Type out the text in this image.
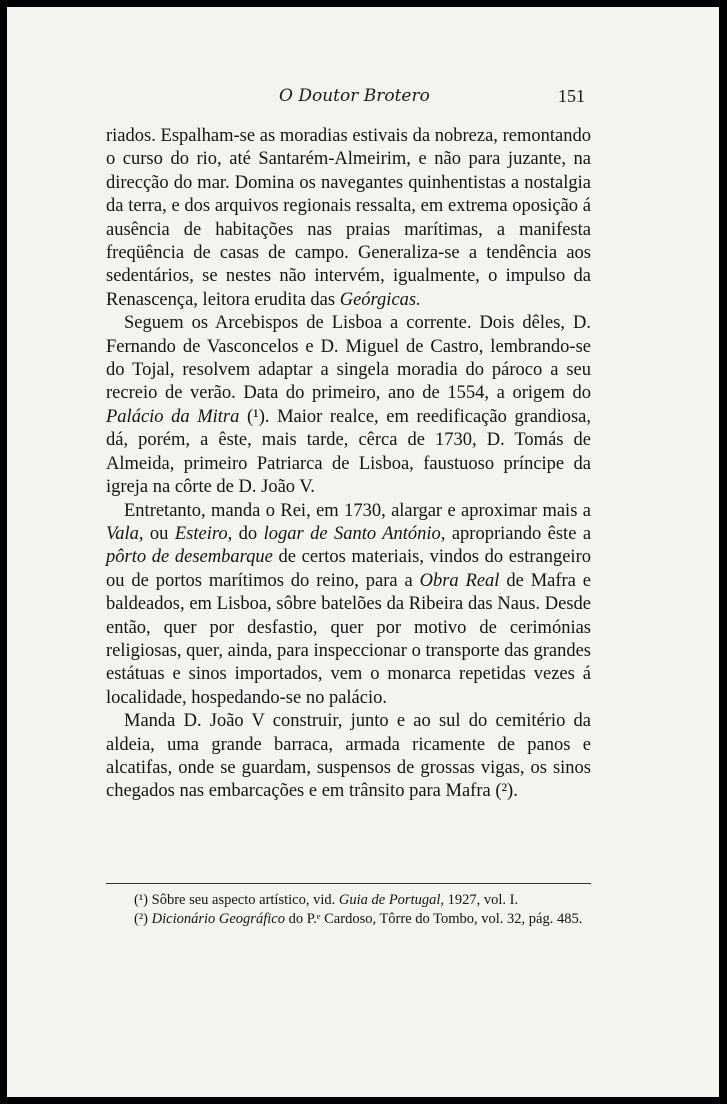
O Doutor Brotero	151

riados. Espalham-se as moradias estivais da nobreza, remontando o curso do rio, até Santarém-Almeirim, e não para juzante, na direcção do mar. Domina os navegantes quinhentistas a nostalgia da terra, e dos arquivos regionais ressalta, em extrema oposição á ausência de habitações nas praias marítimas, a manifesta freqüência de casas de campo. Generaliza-se a tendência aos sedentários, se nestes não intervém, igualmente, o impulso da Renascença, leitora erudita das Geórgicas.

Seguem os Arcebispos de Lisboa a corrente. Dois dêles, D. Fernando de Vasconcelos e D. Miguel de Castro, lembrando-se do Tojal, resolvem adaptar a singela moradia do pároco a seu recreio de verão. Data do primeiro, ano de 1554, a origem do Palácio da Mitra (¹). Maior realce, em reedificação grandiosa, dá, porém, a êste, mais tarde, cêrca de 1730, D. Tomás de Almeida, primeiro Patriarca de Lisboa, faustuoso príncipe da igreja na côrte de D. João V.

Entretanto, manda o Rei, em 1730, alargar e aproximar mais a Vala, ou Esteiro, do logar de Santo António, apropriando êste a pôrto de desembarque de certos materiais, vindos do estrangeiro ou de portos marítimos do reino, para a Obra Real de Mafra e baldeados, em Lisboa, sôbre batelões da Ribeira das Naus. Desde então, quer por desfastio, quer por motivo de cerimónias religiosas, quer, ainda, para inspeccionar o transporte das grandes estátuas e sinos importados, vem o monarca repetidas vezes á localidade, hospedando-se no palácio.

Manda D. João V construir, junto e ao sul do cemitério da aldeia, uma grande barraca, armada ricamente de panos e alcatifas, onde se guardam, suspensos de grossas vigas, os sinos chegados nas embarcações e em trânsito para Mafra (²).

(¹) Sôbre seu aspecto artístico, vid. Guia de Portugal, 1927, vol. I.

(²) Dicionário Geográfico do P.ᵉ Cardoso, Tôrre do Tombo, vol. 32, pág. 485.
